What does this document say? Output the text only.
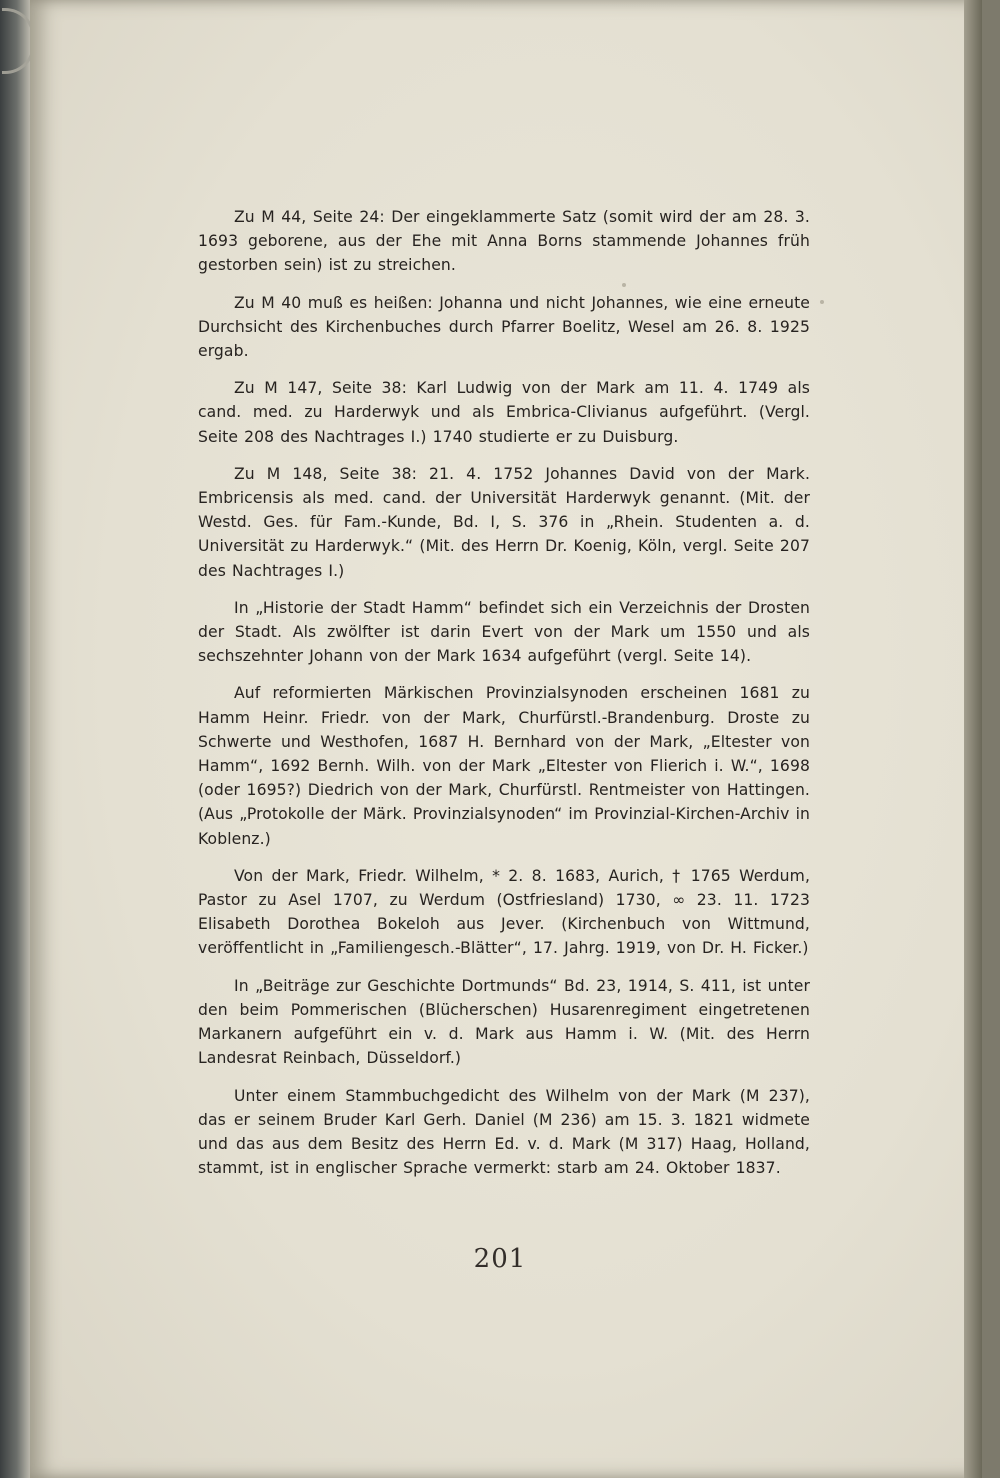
Zu M 44, Seite 24: Der eingeklammerte Satz (somit wird der am 28. 3. 1693 geborene, aus der Ehe mit Anna Borns stammende Johannes früh gestorben sein) ist zu streichen.

Zu M 40 muß es heißen: Johanna und nicht Johannes, wie eine erneute Durchsicht des Kirchenbuches durch Pfarrer Boelitz, Wesel am 26. 8. 1925 ergab.

Zu M 147, Seite 38: Karl Ludwig von der Mark am 11. 4. 1749 als cand. med. zu Harderwyk und als Embrica-Clivianus aufgeführt. (Vergl. Seite 208 des Nachtrages I.) 1740 studierte er zu Duisburg.

Zu M 148, Seite 38: 21. 4. 1752 Johannes David von der Mark. Embricensis als med. cand. der Universität Harderwyk genannt. (Mit. der Westd. Ges. für Fam.-Kunde, Bd. I, S. 376 in „Rhein. Studenten a. d. Universität zu Harderwyk.“ (Mit. des Herrn Dr. Koenig, Köln, vergl. Seite 207 des Nachtrages I.)

In „Historie der Stadt Hamm“ befindet sich ein Verzeichnis der Drosten der Stadt. Als zwölfter ist darin Evert von der Mark um 1550 und als sechszehnter Johann von der Mark 1634 aufgeführt (vergl. Seite 14).

Auf reformierten Märkischen Provinzialsynoden erscheinen 1681 zu Hamm Heinr. Friedr. von der Mark, Churfürstl.-Brandenburg. Droste zu Schwerte und Westhofen, 1687 H. Bernhard von der Mark, „Eltester von Hamm“, 1692 Bernh. Wilh. von der Mark „Eltester von Flierich i. W.“, 1698 (oder 1695?) Diedrich von der Mark, Churfürstl. Rentmeister von Hattingen. (Aus „Protokolle der Märk. Provinzialsynoden“ im Provinzial-Kirchen-Archiv in Koblenz.)

Von der Mark, Friedr. Wilhelm, * 2. 8. 1683, Aurich, † 1765 Werdum, Pastor zu Asel 1707, zu Werdum (Ostfriesland) 1730, ∞ 23. 11. 1723 Elisabeth Dorothea Bokeloh aus Jever. (Kirchenbuch von Wittmund, veröffentlicht in „Familiengesch.-Blätter“, 17. Jahrg. 1919, von Dr. H. Ficker.)

In „Beiträge zur Geschichte Dortmunds“ Bd. 23, 1914, S. 411, ist unter den beim Pommerischen (Blücherschen) Husarenregiment eingetretenen Markanern aufgeführt ein v. d. Mark aus Hamm i. W. (Mit. des Herrn Landesrat Reinbach, Düsseldorf.)

Unter einem Stammbuchgedicht des Wilhelm von der Mark (M 237), das er seinem Bruder Karl Gerh. Daniel (M 236) am 15. 3. 1821 widmete und das aus dem Besitz des Herrn Ed. v. d. Mark (M 317) Haag, Holland, stammt, ist in englischer Sprache vermerkt: starb am 24. Oktober 1837.

201
